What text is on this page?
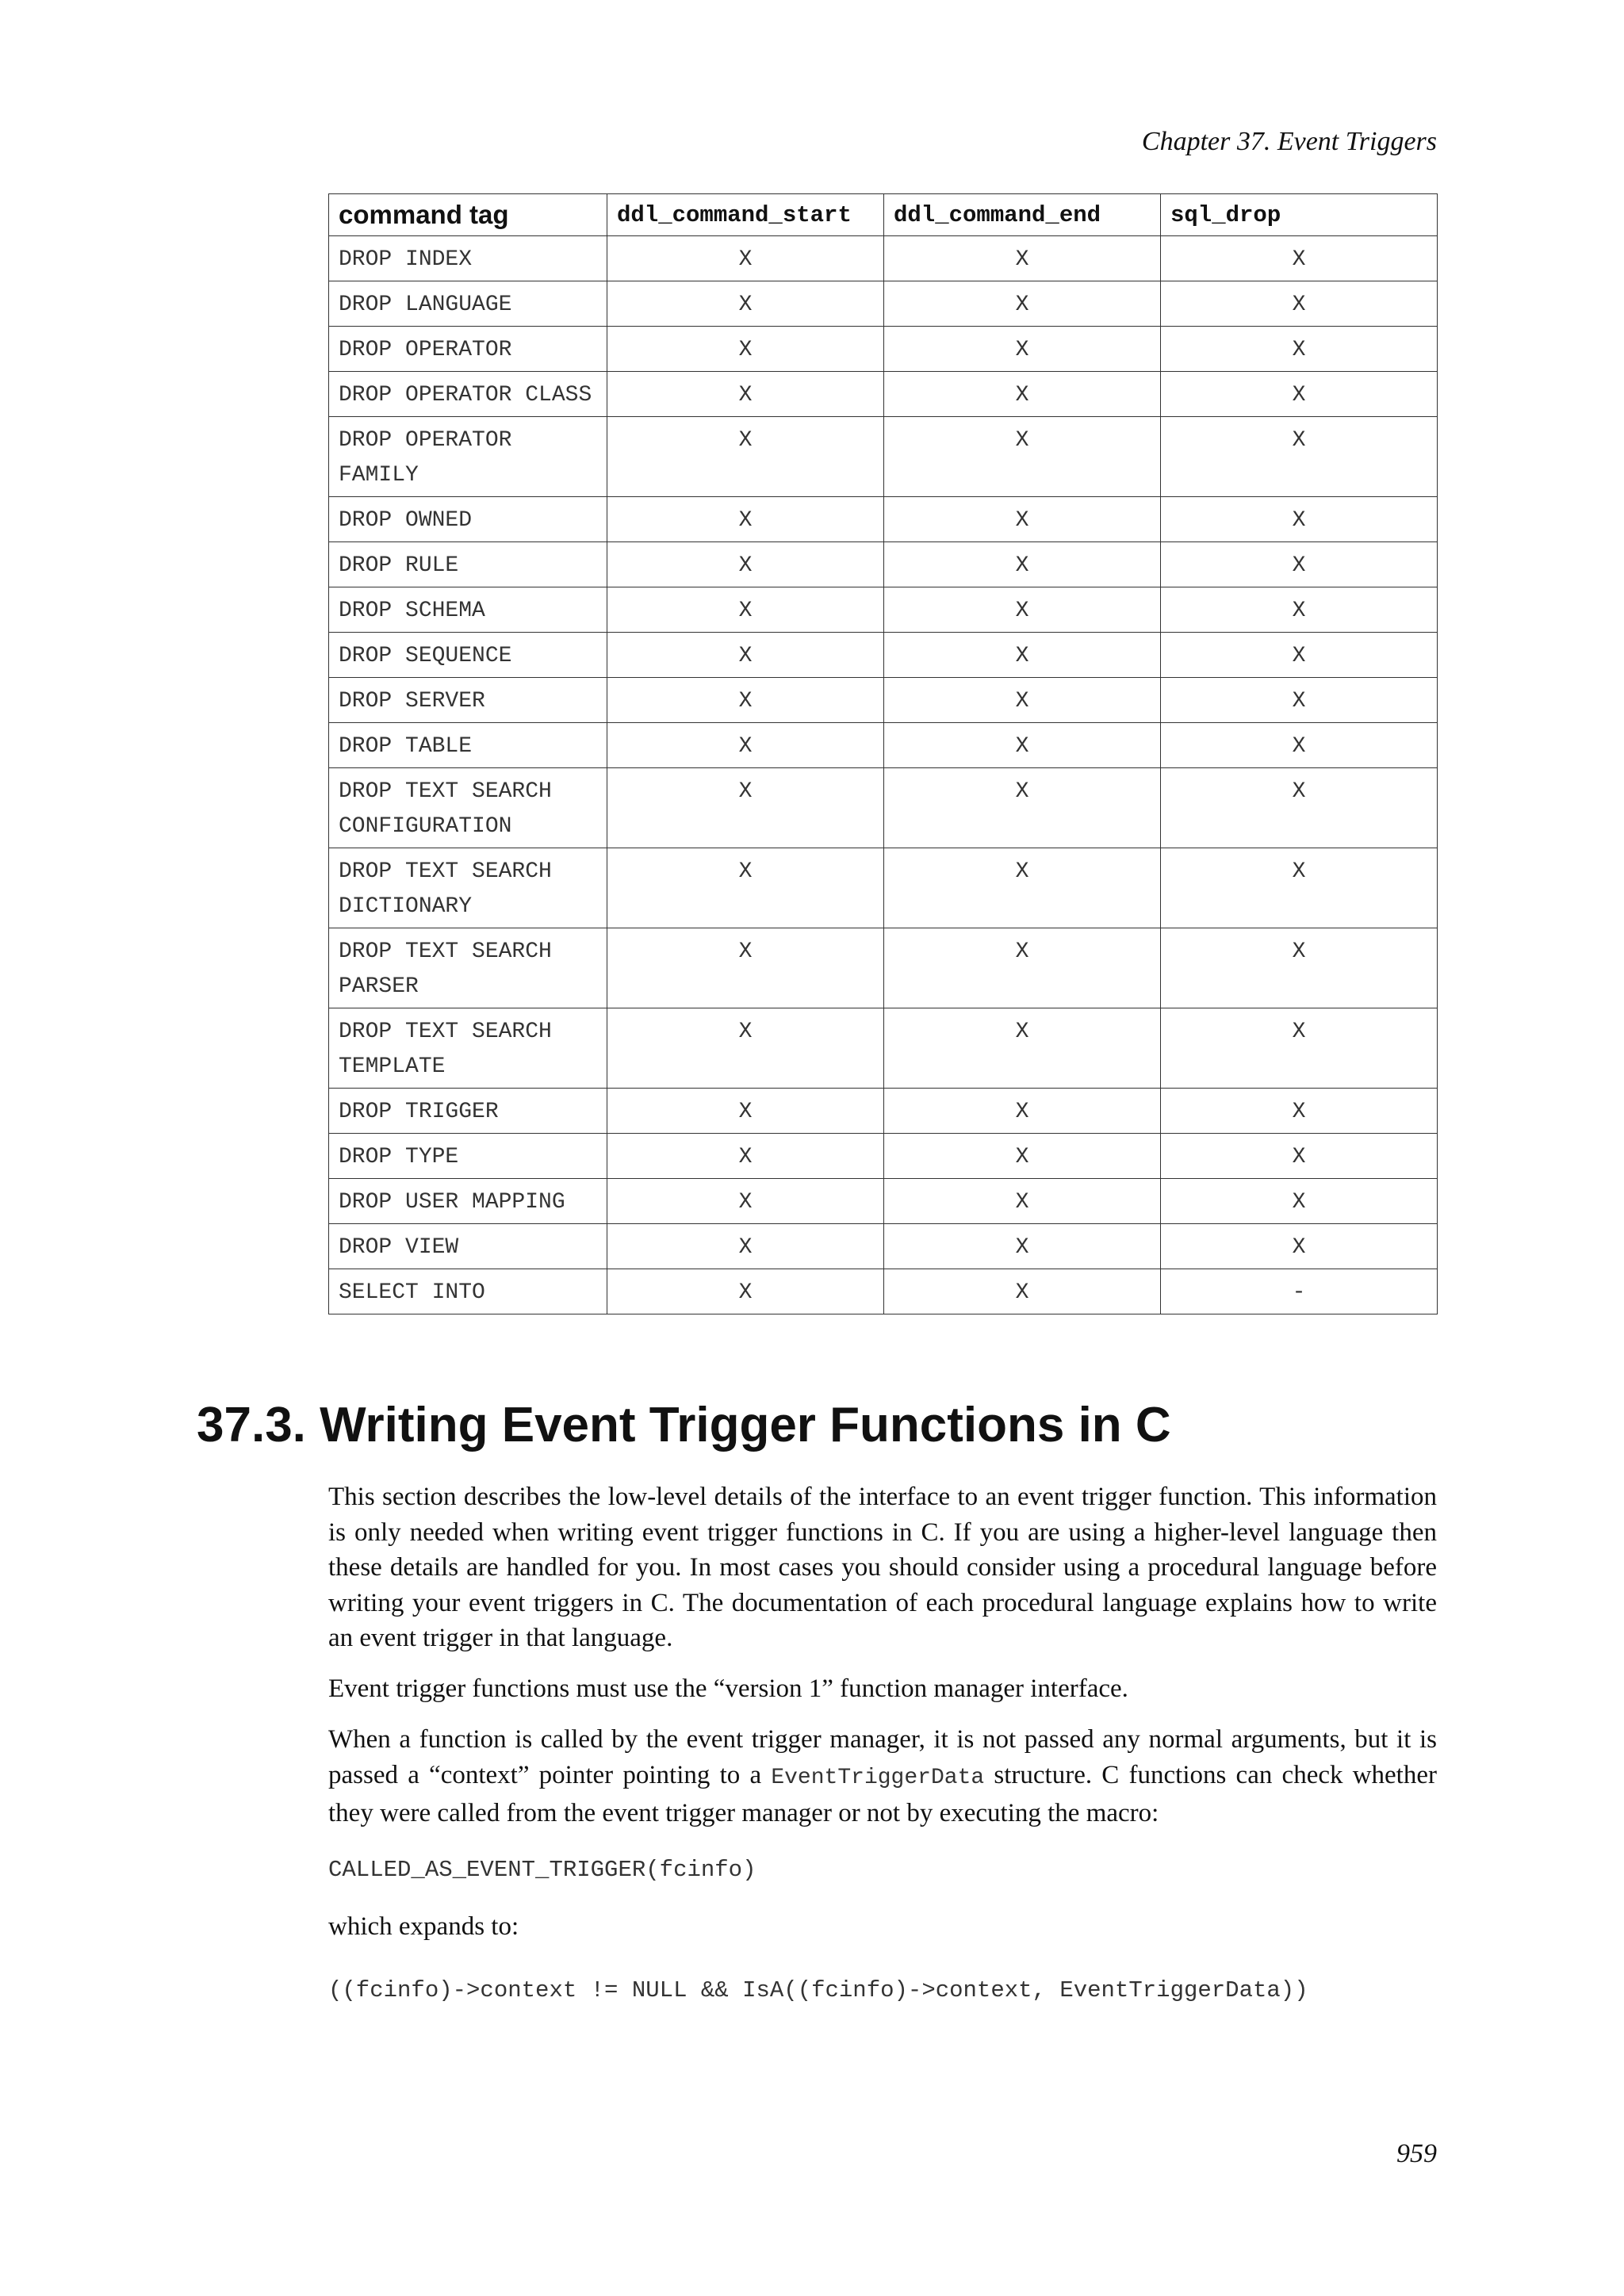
Chapter 37. Event Triggers
command tag	ddl_command_start	ddl_command_end	sql_drop
DROP INDEX	X	X	X
DROP LANGUAGE	X	X	X
DROP OPERATOR	X	X	X
DROP OPERATOR CLASS	X	X	X
DROP OPERATOR FAMILY	X	X	X
DROP OWNED	X	X	X
DROP RULE	X	X	X
DROP SCHEMA	X	X	X
DROP SEQUENCE	X	X	X
DROP SERVER	X	X	X
DROP TABLE	X	X	X
DROP TEXT SEARCH CONFIGURATION	X	X	X
DROP TEXT SEARCH DICTIONARY	X	X	X
DROP TEXT SEARCH PARSER	X	X	X
DROP TEXT SEARCH TEMPLATE	X	X	X
DROP TRIGGER	X	X	X
DROP TYPE	X	X	X
DROP USER MAPPING	X	X	X
DROP VIEW	X	X	X
SELECT INTO	X	X	-
37.3. Writing Event Trigger Functions in C

This section describes the low-level details of the interface to an event trigger function. This information is only needed when writing event trigger functions in C. If you are using a higher-level language then these details are handled for you. In most cases you should consider using a procedural language before writing your event triggers in C. The documentation of each procedural language explains how to write an event trigger in that language.

Event trigger functions must use the “version 1” function manager interface.

When a function is called by the event trigger manager, it is not passed any normal arguments, but it is passed a “context” pointer pointing to a EventTriggerData structure. C functions can check whether they were called from the event trigger manager or not by executing the macro:

CALLED_AS_EVENT_TRIGGER(fcinfo)

which expands to:

((fcinfo)->context != NULL && IsA((fcinfo)->context, EventTriggerData))
959
